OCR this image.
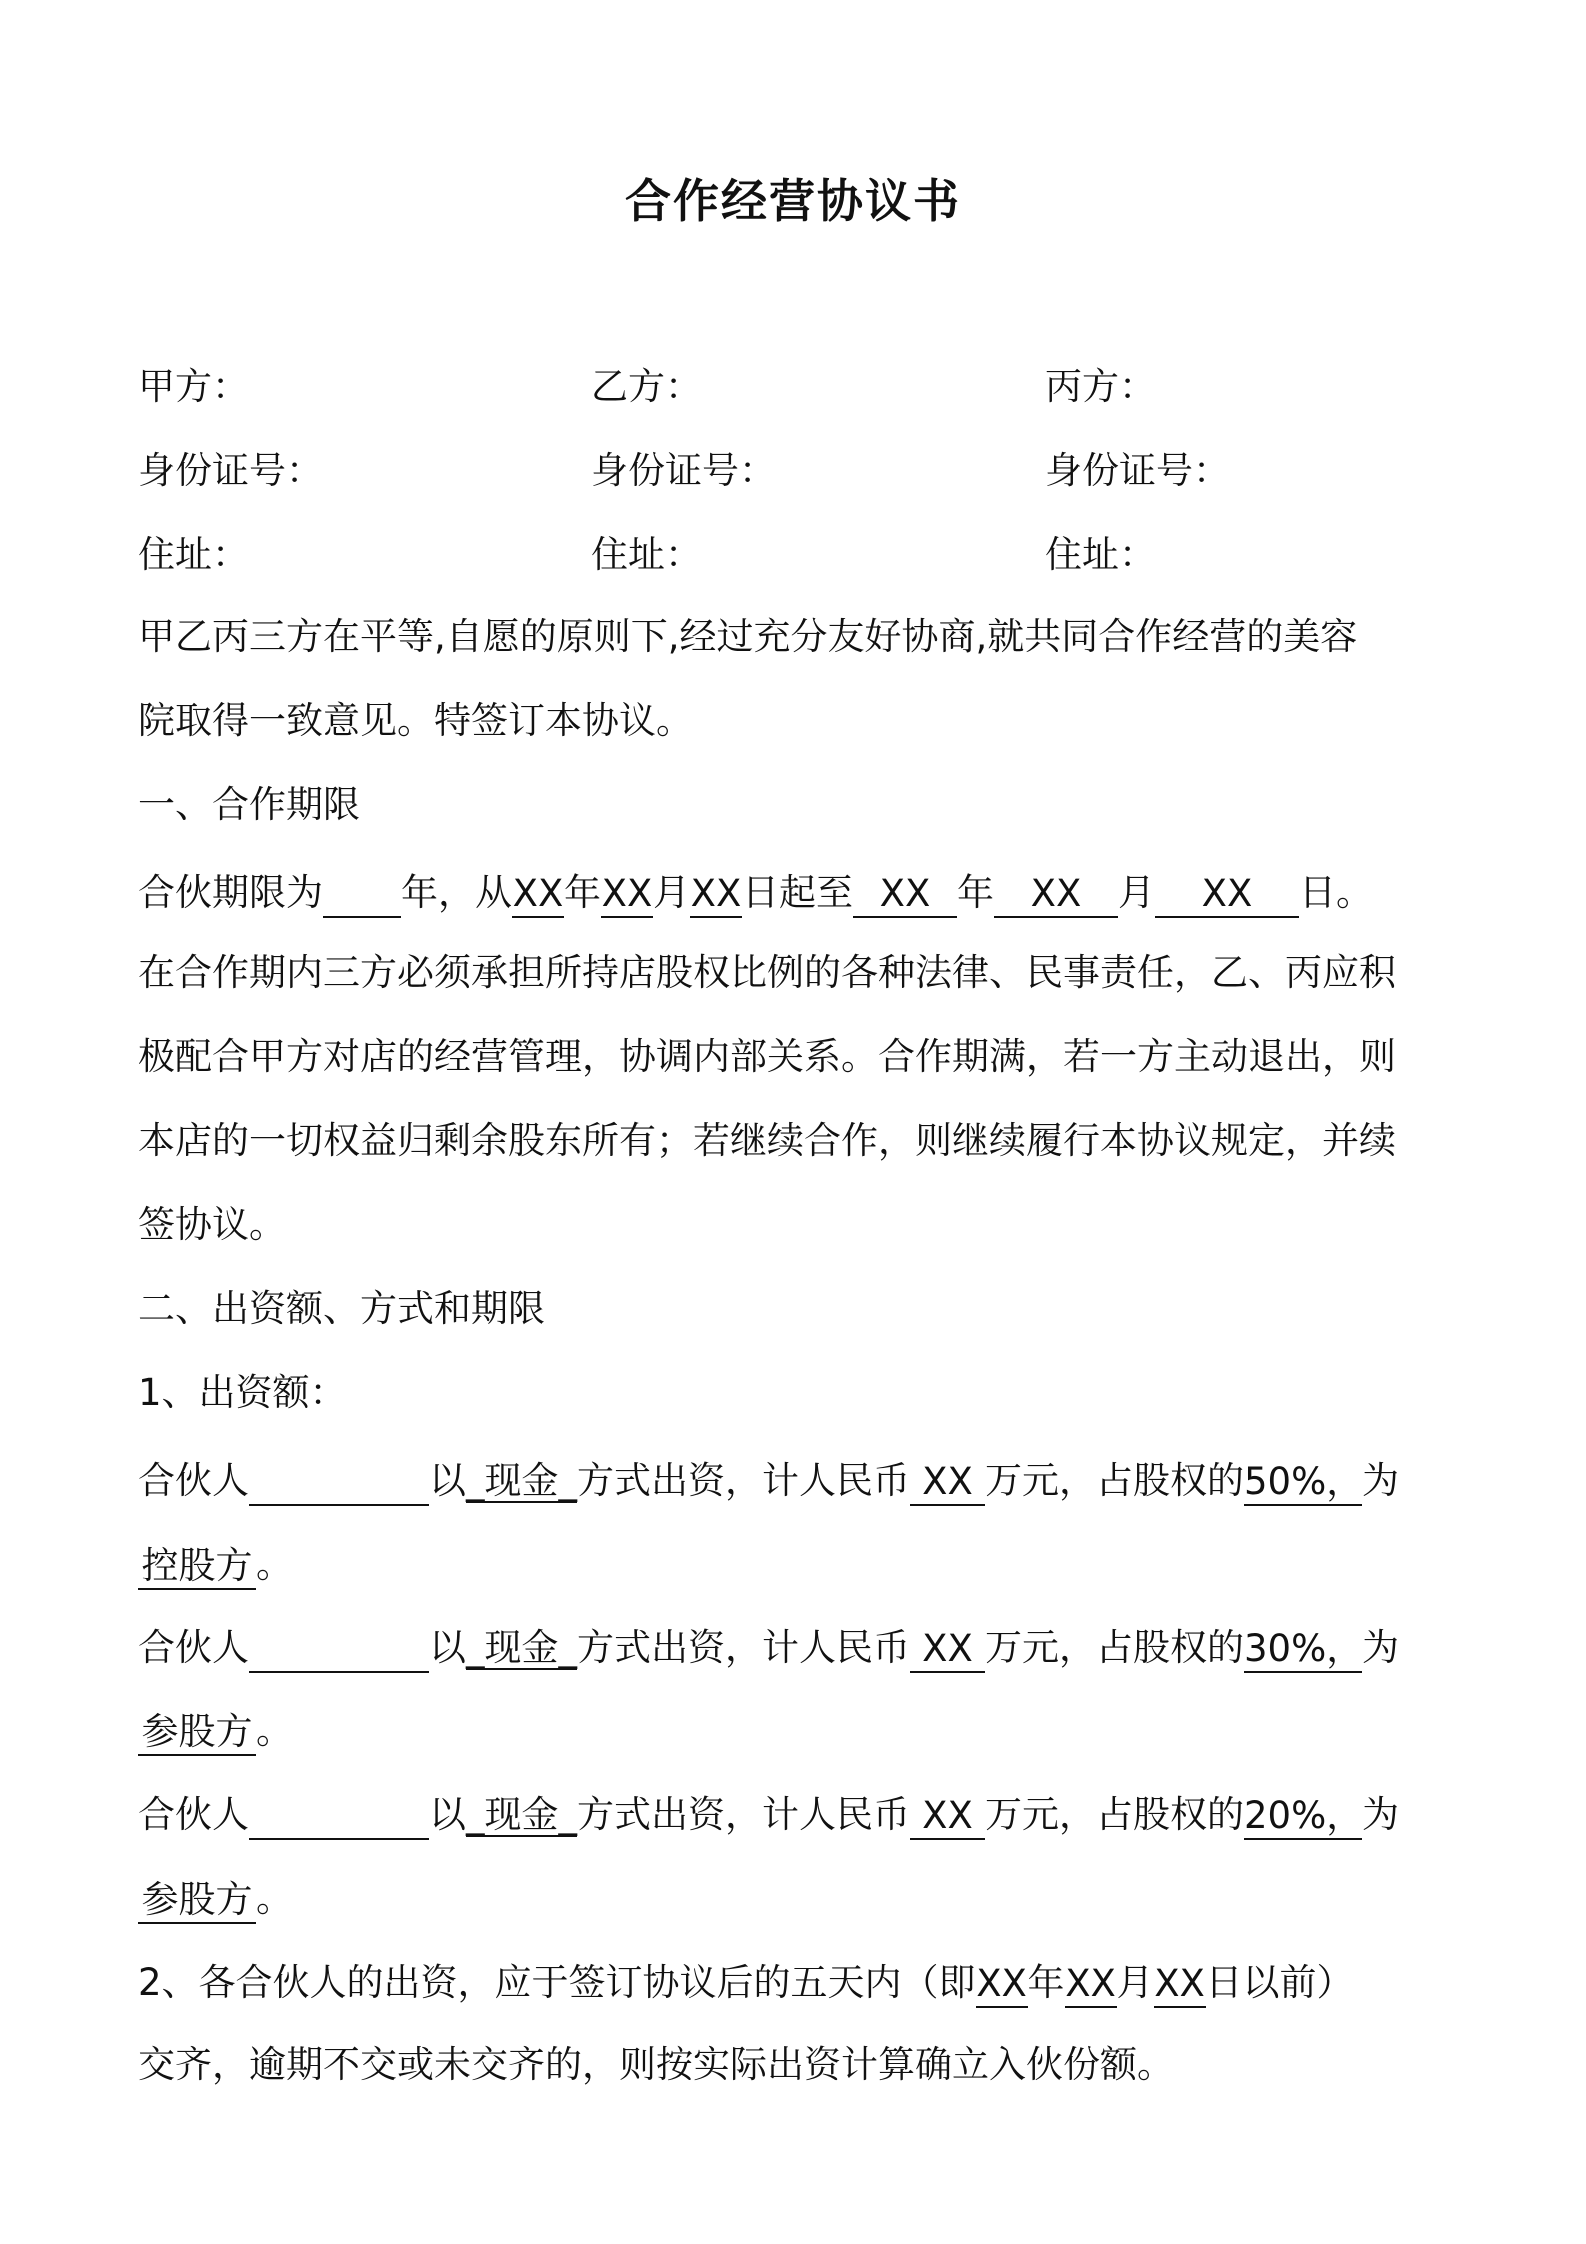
合作经营协议书
甲方：	乙方：	丙方：
身份证号：	身份证号：	身份证号：
住址：	住址：	住址：
甲乙丙三方在平等,自愿的原则下,经过充分友好协商,就共同合作经营的美容
院取得一致意见。特签订本协议。
一、合作期限
合伙期限为 年，从XX年XX月XX日起至 XX 年 XX 月 XX 日。
在合作期内三方必须承担所持店股权比例的各种法律、民事责任，乙、丙应积
极配合甲方对店的经营管理，协调内部关系。合作期满，若一方主动退出，则
本店的一切权益归剩余股东所有；若继续合作，则继续履行本协议规定，并续
签协议。
二、出资额、方式和期限
1、出资额：
合伙人	以_现金_方式出资，计人民币 XX 万元，占股权的50%，为
控股方。
合伙人	以_现金_方式出资，计人民币 XX 万元，占股权的30%，为
参股方。
合伙人	以_现金_方式出资，计人民币 XX 万元，占股权的20%，为
参股方。
2、各合伙人的出资，应于签订协议后的五天内（即XX年XX月XX日以前）
交齐，逾期不交或未交齐的，则按实际出资计算确立入伙份额。
